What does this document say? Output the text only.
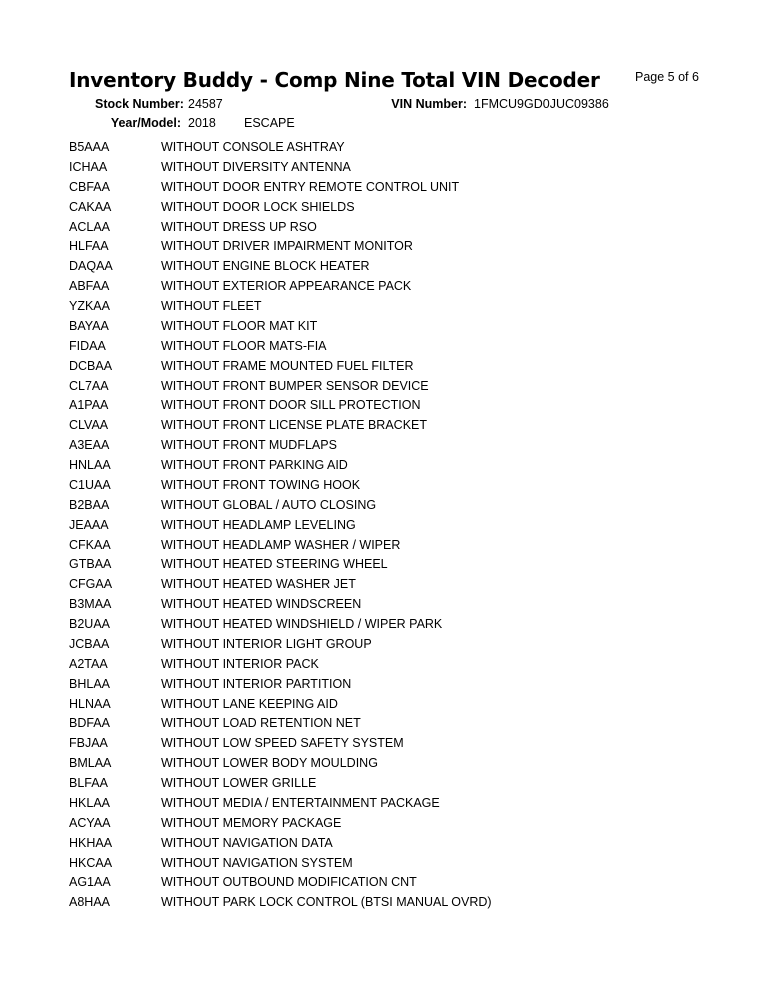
Inventory Buddy - Comp Nine Total VIN Decoder	Page 5 of 6
Stock Number: 24587	VIN Number: 1FMCU9GD0JUC09386
Year/Model: 2018 ESCAPE
B5AAA	WITHOUT CONSOLE ASHTRAY
ICHAA	WITHOUT DIVERSITY ANTENNA
CBFAA	WITHOUT DOOR ENTRY REMOTE CONTROL UNIT
CAKAA	WITHOUT DOOR LOCK SHIELDS
ACLAA	WITHOUT DRESS UP RSO
HLFAA	WITHOUT DRIVER IMPAIRMENT MONITOR
DAQAA	WITHOUT ENGINE BLOCK HEATER
ABFAA	WITHOUT EXTERIOR APPEARANCE PACK
YZKAA	WITHOUT FLEET
BAYAA	WITHOUT FLOOR MAT KIT
FIDAA	WITHOUT FLOOR MATS-FIA
DCBAA	WITHOUT FRAME MOUNTED FUEL FILTER
CL7AA	WITHOUT FRONT BUMPER SENSOR DEVICE
A1PAA	WITHOUT FRONT DOOR SILL PROTECTION
CLVAA	WITHOUT FRONT LICENSE PLATE BRACKET
A3EAA	WITHOUT FRONT MUDFLAPS
HNLAA	WITHOUT FRONT PARKING AID
C1UAA	WITHOUT FRONT TOWING HOOK
B2BAA	WITHOUT GLOBAL / AUTO CLOSING
JEAAA	WITHOUT HEADLAMP LEVELING
CFKAA	WITHOUT HEADLAMP WASHER / WIPER
GTBAA	WITHOUT HEATED STEERING WHEEL
CFGAA	WITHOUT HEATED WASHER JET
B3MAA	WITHOUT HEATED WINDSCREEN
B2UAA	WITHOUT HEATED WINDSHIELD / WIPER PARK
JCBAA	WITHOUT INTERIOR LIGHT GROUP
A2TAA	WITHOUT INTERIOR PACK
BHLAA	WITHOUT INTERIOR PARTITION
HLNAA	WITHOUT LANE KEEPING AID
BDFAA	WITHOUT LOAD RETENTION NET
FBJAA	WITHOUT LOW SPEED SAFETY SYSTEM
BMLAA	WITHOUT LOWER BODY MOULDING
BLFAA	WITHOUT LOWER GRILLE
HKLAA	WITHOUT MEDIA / ENTERTAINMENT PACKAGE
ACYAA	WITHOUT MEMORY PACKAGE
HKHAA	WITHOUT NAVIGATION DATA
HKCAA	WITHOUT NAVIGATION SYSTEM
AG1AA	WITHOUT OUTBOUND MODIFICATION CNT
A8HAA	WITHOUT PARK LOCK CONTROL (BTSI MANUAL OVRD)
